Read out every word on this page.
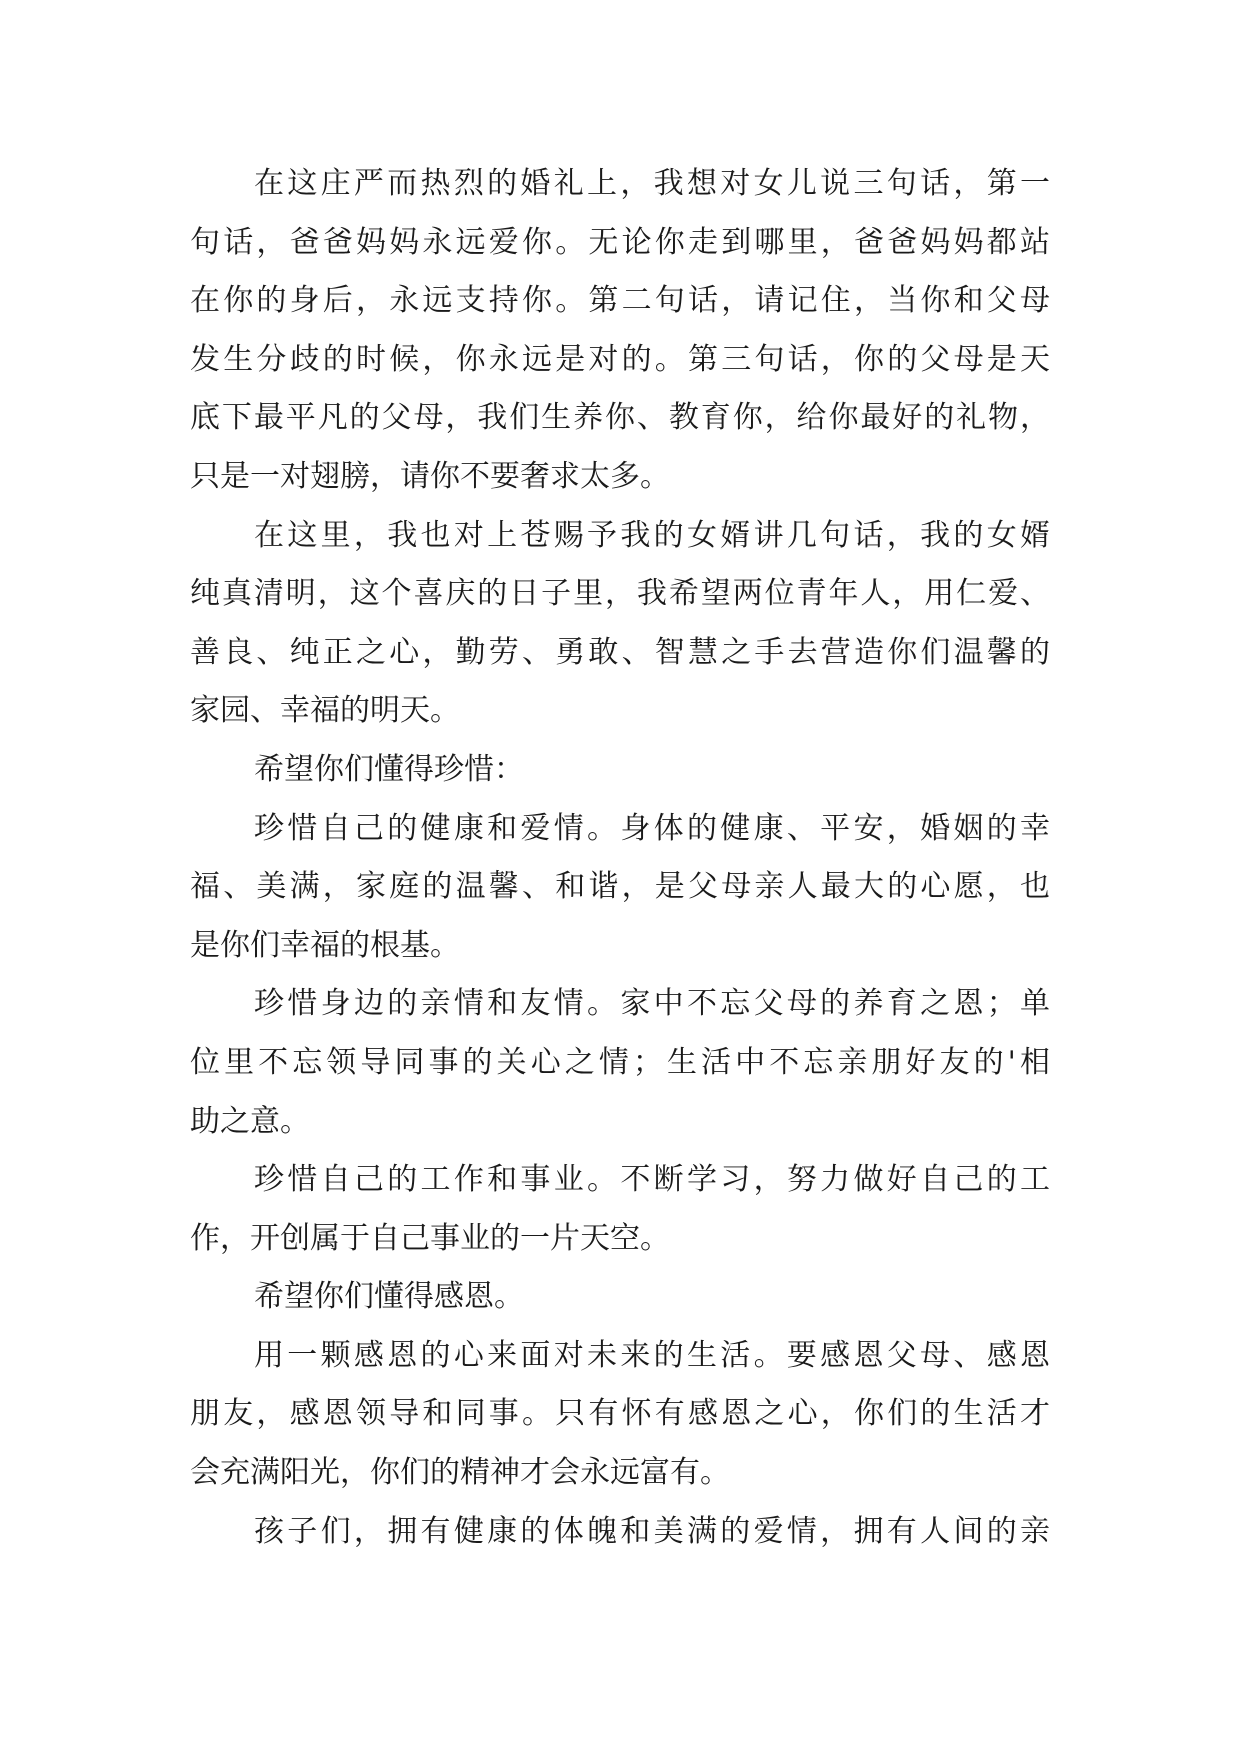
在这庄严而热烈的婚礼上，我想对女儿说三句话，第一
句话，爸爸妈妈永远爱你。无论你走到哪里，爸爸妈妈都站
在你的身后，永远支持你。第二句话，请记住，当你和父母
发生分歧的时候，你永远是对的。第三句话，你的父母是天
底下最平凡的父母，我们生养你、教育你，给你最好的礼物，
只是一对翅膀，请你不要奢求太多。
在这里，我也对上苍赐予我的女婿讲几句话，我的女婿
纯真清明，这个喜庆的日子里，我希望两位青年人，用仁爱、
善良、纯正之心，勤劳、勇敢、智慧之手去营造你们温馨的
家园、幸福的明天。
希望你们懂得珍惜：
珍惜自己的健康和爱情。身体的健康、平安，婚姻的幸
福、美满，家庭的温馨、和谐，是父母亲人最大的心愿，也
是你们幸福的根基。
珍惜身边的亲情和友情。家中不忘父母的养育之恩；单
位里不忘领导同事的关心之情；生活中不忘亲朋好友的'相
助之意。
珍惜自己的工作和事业。不断学习，努力做好自己的工
作，开创属于自己事业的一片天空。
希望你们懂得感恩。
用一颗感恩的心来面对未来的生活。要感恩父母、感恩
朋友，感恩领导和同事。只有怀有感恩之心，你们的生活才
会充满阳光，你们的精神才会永远富有。
孩子们，拥有健康的体魄和美满的爱情，拥有人间的亲
